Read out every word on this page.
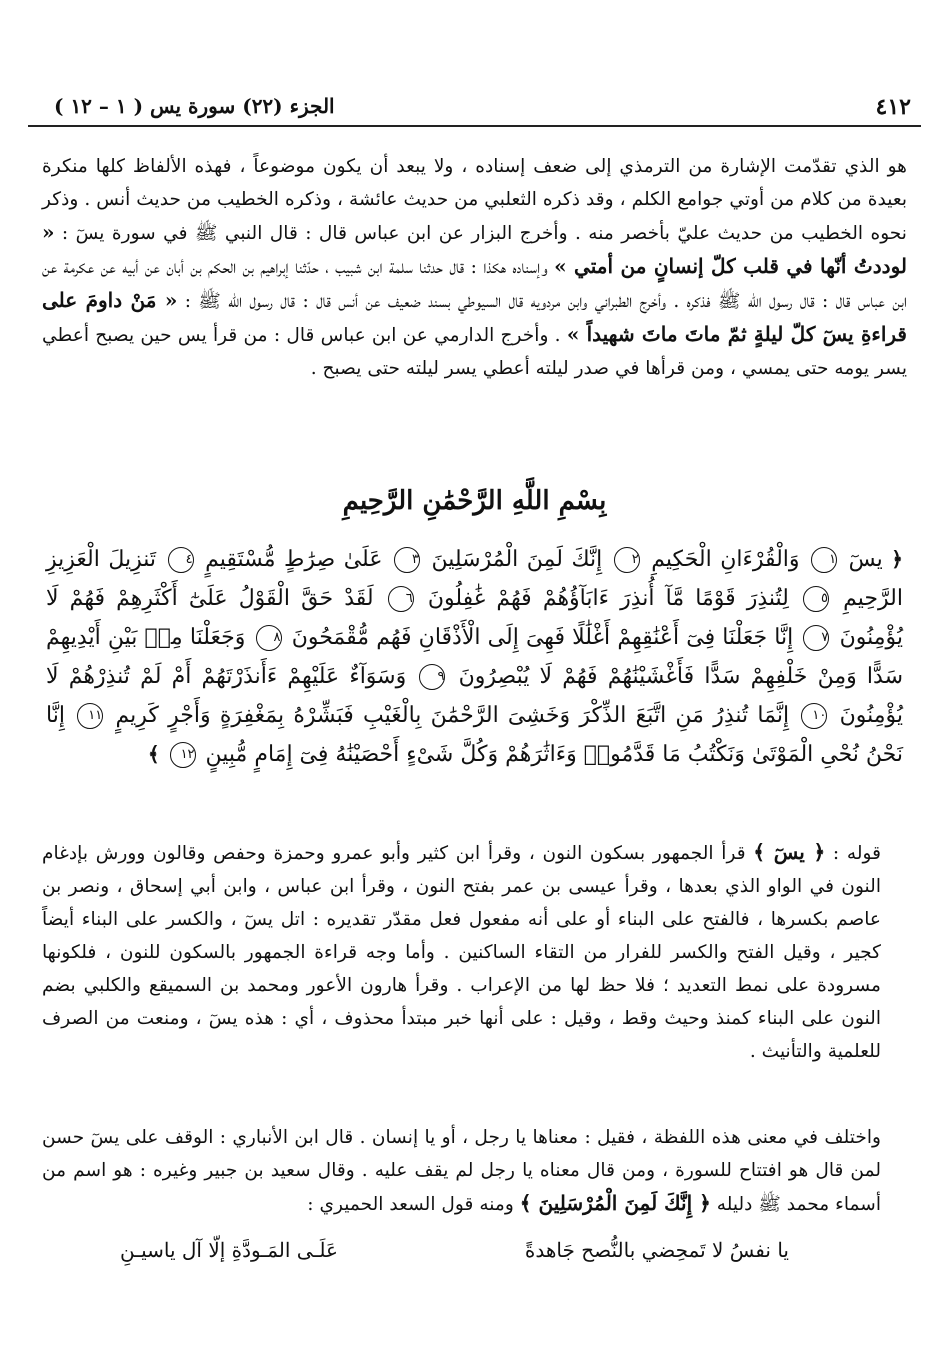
٤١٢
الجزء (٢٢) سورة يس ( ١ – ١٢ )

هو الذي تقدّمت الإشارة من الترمذي إلى ضعف إسناده ، ولا يبعد أن يكون موضوعاً ، فهذه الألفاظ كلها منكرة بعيدة من كلام من أوتي جوامع الكلم ، وقد ذكره الثعلبي من حديث عائشة ، وذكره الخطيب من حديث أنس . وذكر نحوه الخطيب من حديث عليّ بأخصر منه . وأخرج البزار عن ابن عباس قال : قال النبي ﷺ في سورة يسٓ : « لوددتُ أنّها في قلب كلّ إنسانٍ من أمتي » وإسناده هكذا : قال حدثنا سلمة ابن شبيب ، حدّثنا إبراهيم بن الحكم بن أبان عن أبيه عن عكرمة عن ابن عباس قال : قال رسول الله ﷺ فذكره . وأخرج الطبراني وابن مردويه قال السيوطي بسند ضعيف عن أنس قال : قال رسول الله ﷺ : « مَنْ داومَ على قراءةِ يسٓ كلّ ليلةٍ ثمّ ماتَ ماتَ شهيداً » . وأخرج الدارمي عن ابن عباس قال : من قرأ يس حين يصبح أعطي يسر يومه حتى يمسي ، ومن قرأها في صدر ليلته أعطي يسر ليلته حتى يصبح .

بِسْمِ اللَّهِ الرَّحْمَٰنِ الرَّحِيمِ
﴿ يسٓ ١ وَالْقُرْءَانِ الْحَكِيمِ ٢ إِنَّكَ لَمِنَ الْمُرْسَلِينَ ٣ عَلَىٰ صِرَٰطٍ مُّسْتَقِيمٍ ٤ تَنزِيلَ الْعَزِيزِ الرَّحِيمِ ٥ لِتُنذِرَ قَوْمًا مَّآ أُنذِرَ ءَابَآؤُهُمْ فَهُمْ غَٰفِلُونَ ٦ لَقَدْ حَقَّ الْقَوْلُ عَلَىٰٓ أَكْثَرِهِمْ فَهُمْ لَا يُؤْمِنُونَ ٧ إِنَّا جَعَلْنَا فِىٓ أَعْنَٰقِهِمْ أَغْلَٰلًا فَهِىَ إِلَى الْأَذْقَانِ فَهُم مُّقْمَحُونَ ٨ وَجَعَلْنَا مِنۢ بَيْنِ أَيْدِيهِمْ سَدًّا وَمِنْ خَلْفِهِمْ سَدًّا فَأَغْشَيْنَٰهُمْ فَهُمْ لَا يُبْصِرُونَ ٩ وَسَوَآءٌ عَلَيْهِمْ ءَأَنذَرْتَهُمْ أَمْ لَمْ تُنذِرْهُمْ لَا يُؤْمِنُونَ ١٠ إِنَّمَا تُنذِرُ مَنِ اتَّبَعَ الذِّكْرَ وَخَشِىَ الرَّحْمَٰنَ بِالْغَيْبِ فَبَشِّرْهُ بِمَغْفِرَةٍ وَأَجْرٍ كَرِيمٍ ١١ إِنَّا نَحْنُ نُحْىِ الْمَوْتَىٰ وَنَكْتُبُ مَا قَدَّمُوا۟ وَءَاثَٰرَهُمْ وَكُلَّ شَىْءٍ أَحْصَيْنَٰهُ فِىٓ إِمَامٍ مُّبِينٍ ١٢ ﴾

قوله : ﴿ يسٓ ﴾ قرأ الجمهور بسكون النون ، وقرأ ابن كثير وأبو عمرو وحمزة وحفص وقالون وورش بإدغام النون في الواو الذي بعدها ، وقرأ عيسى بن عمر بفتح النون ، وقرأ ابن عباس ، وابن أبي إسحاق ، ونصر بن عاصم بكسرها ، فالفتح على البناء أو على أنه مفعول فعل مقدّر تقديره : اتل يسٓ ، والكسر على البناء أيضاً كجير ، وقيل الفتح والكسر للفرار من التقاء الساكنين . وأما وجه قراءة الجمهور بالسكون للنون ، فلكونها مسرودة على نمط التعديد ؛ فلا حظ لها من الإعراب . وقرأ هارون الأعور ومحمد بن السميقع والكلبي بضم النون على البناء كمنذ وحيث وقط ، وقيل : على أنها خبر مبتدأ محذوف ، أي : هذه يسٓ ، ومنعت من الصرف للعلمية والتأنيث .

واختلف في معنى هذه اللفظة ، فقيل : معناها يا رجل ، أو يا إنسان . قال ابن الأنباري : الوقف على يسٓ حسن لمن قال هو افتتاح للسورة ، ومن قال معناه يا رجل لم يقف عليه . وقال سعيد بن جبير وغيره : هو اسم من أسماء محمد ﷺ دليله ﴿ إِنَّكَ لَمِنَ الْمُرْسَلِينَ ﴾ ومنه قول السعد الحميري :

يا نفسُ لا تَمحِضي بالنُّصح جَاهدةً
عَلَـى المَـودَّةِ إلّا آل ياسيـنِ
